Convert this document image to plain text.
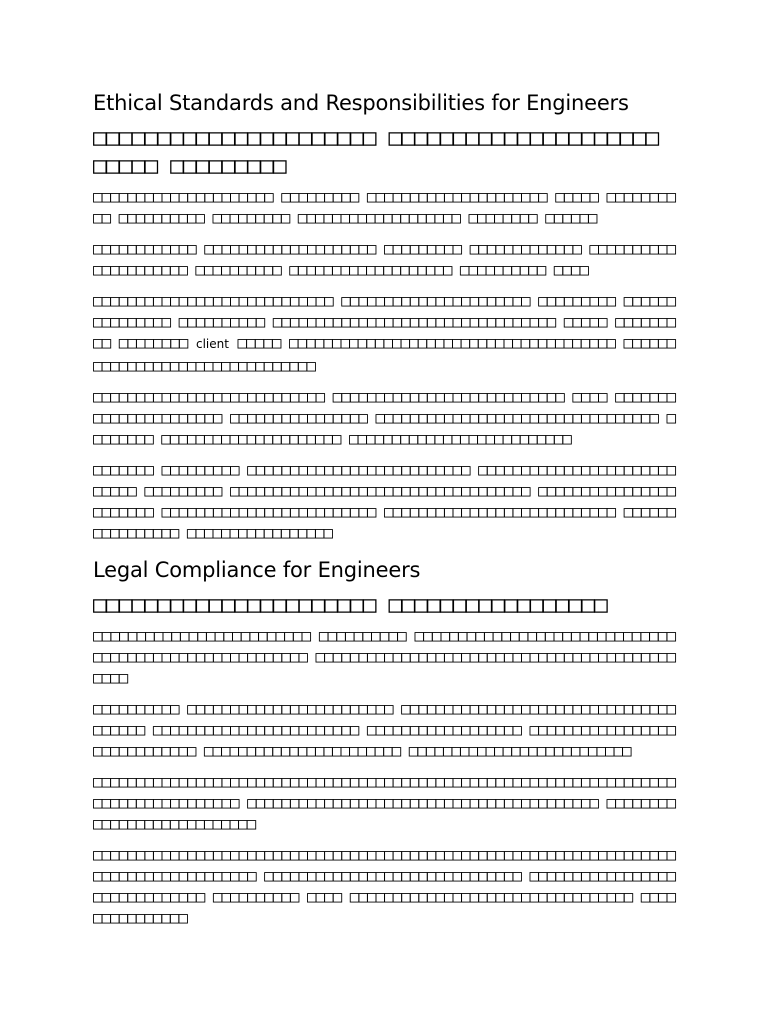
Ethical Standards and Responsibilities for Engineers
□□□□□□□□□□□□□□□□□□□□□□ □□□□□□□□□□□□□□□□□□□□□ □□□□□ □□□□□□□□□

□□□□□□□□□□□□□□□□□□□□□ □□□□□□□□□ □□□□□□□□□□□□□□□□□□□□□ □□□□□ □□□□□□□□□□ □□□□□□□□□□ □□□□□□□□□ □□□□□□□□□□□□□□□□□□□ □□□□□□□□ □□□□□□

□□□□□□□□□□□□ □□□□□□□□□□□□□□□□□□□□ □□□□□□□□□ □□□□□□□□□□□□□ □□□□□□□□□□□□□□□□□□□□□ □□□□□□□□□□ □□□□□□□□□□□□□□□□□□□ □□□□□□□□□□ □□□□

□□□□□□□□□□□□□□□□□□□□□□□□□□□□ □□□□□□□□□□□□□□□□□□□□□□ □□□□□□□□□ □□□□□□□□□□□□□□□ □□□□□□□□□□ □□□□□□□□□□□□□□□□□□□□□□□□□□□□□□□□□ □□□□□ □□□□□□□□□ □□□□□□□□ client □□□□□ □□□□□□□□□□□□□□□□□□□□□□□□□□□□□□□□□□□□□□ □□□□□□□□□□□□□□□□□□□□□□□□□□□□□□□□

□□□□□□□□□□□□□□□□□□□□□□□□□□□ □□□□□□□□□□□□□□□□□□□□□□□□□□□ □□□□ □□□□□□□□□□□□□□□□□□□□□□ □□□□□□□□□□□□□□□□ □□□□□□□□□□□□□□□□□□□□□□□□□□□□□□□□□ □□□□□□□□ □□□□□□□□□□□□□□□□□□□□□ □□□□□□□□□□□□□□□□□□□□□□□□□□

□□□□□□□ □□□□□□□□□ □□□□□□□□□□□□□□□□□□□□□□□□□□ □□□□□□□□□□□□□□□□□□□□□□□□□□□□ □□□□□□□□□ □□□□□□□□□□□□□□□□□□□□□□□□□□□□□□□□□□□ □□□□□□□□□□□□□□□□□□□□□□□ □□□□□□□□□□□□□□□□□□□□□□□□□ □□□□□□□□□□□□□□□□□□□□□□□□□□□ □□□□□□□□□□□□□□□□ □□□□□□□□□□□□□□□□□

Legal Compliance for Engineers
□□□□□□□□□□□□□□□□□□□□□□ □□□□□□□□□□□□□□□□□

□□□□□□□□□□□□□□□□□□□□□□□□□ □□□□□□□□□□ □□□□□□□□□□□□□□□□□□□□□□□□□□□□□□ □□□□□□□□□□□□□□□□□□□□□□□□□ □□□□□□□□□□□□□□□□□□□□□□□□□□□□□□□□□□□□□□□□□□□□□□

□□□□□□□□□□ □□□□□□□□□□□□□□□□□□□□□□□□ □□□□□□□□□□□□□□□□□□□□□□□□□□□□□□□□□□□□□□ □□□□□□□□□□□□□□□□□□□□□□□□ □□□□□□□□□□□□□□□□□□ □□□□□□□□□□□□□□□□□□□□□□□□□□□□□ □□□□□□□□□□□□□□□□□□□□□□□ □□□□□□□□□□□□□□□□□□□□□□□□□□

□□□□□□□□□□□□□□□□□□□□□□□□□□□□□□□□□□□□□□□□□□□□□□□□□□□□□□□□□□□□□□□□□□□□□□□□□□□□□□□□□□□□□ □□□□□□□□□□□□□□□□□□□□□□□□□□□□□□□□□□□□□□□□□ □□□□□□□□□□□□□□□□□□□□□□□□□□□

□□□□□□□□□□□□□□□□□□□□□□□□□□□□□□□□□□□□□□□□□□□□□□□□□□□□□□□□□□□□□□□□□□□□□□□□□□□□□□□□□□□□□□□ □□□□□□□□□□□□□□□□□□□□□□□□□□□□□□ □□□□□□□□□□□□□□□□□□□□□□□□□□□□□□ □□□□□□□□□□ □□□□ □□□□□□□□□□□□□□□□□□□□□□□□□□□□□□□□□ □□□□□□□□□□□□□□□
